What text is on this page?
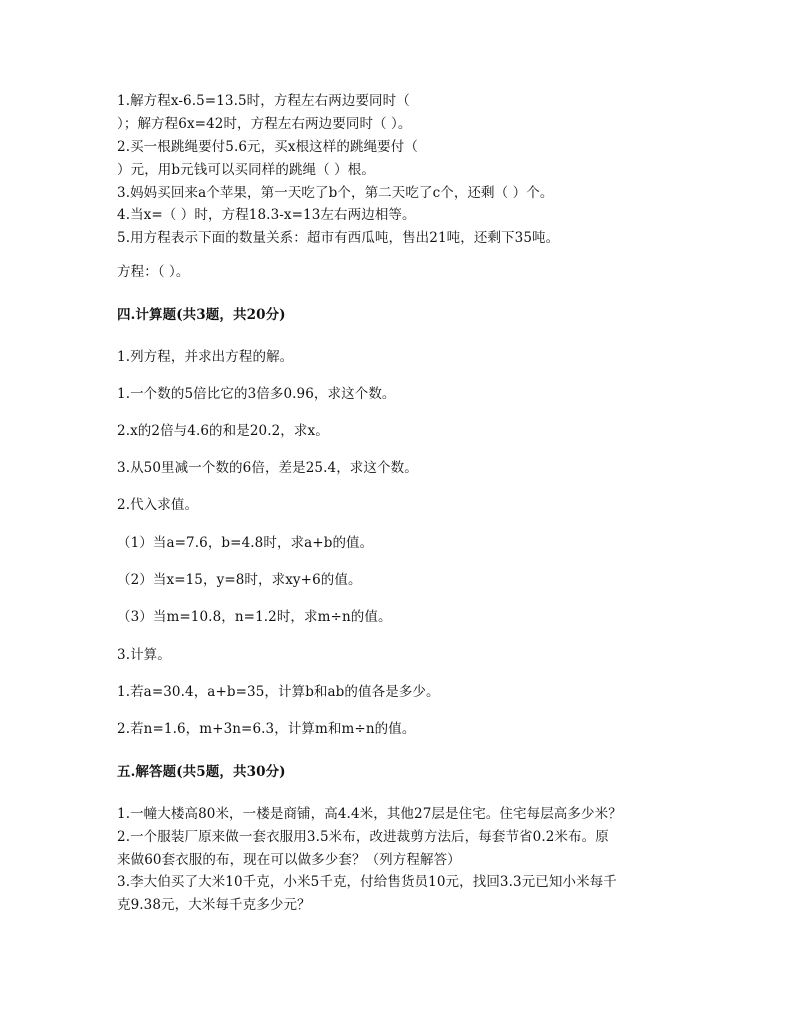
1.解方程x-6.5=13.5时，方程左右两边要同时（
）；解方程6x=42时，方程左右两边要同时（ ）。
2.买一根跳绳要付5.6元，买x根这样的跳绳要付（
）元，用b元钱可以买同样的跳绳（ ）根。
3.妈妈买回来a个苹果，第一天吃了b个，第二天吃了c个，还剩（ ）个。
4.当x=（ ）时，方程18.3-x=13左右两边相等。
5.用方程表示下面的数量关系：超市有西瓜吨，售出21吨，还剩下35吨。
方程：（ ）。
四.计算题(共3题，共20分)
1.列方程，并求出方程的解。
1.一个数的5倍比它的3倍多0.96，求这个数。
2.x的2倍与4.6的和是20.2，求x。
3.从50里减一个数的6倍，差是25.4，求这个数。
2.代入求值。
（1）当a=7.6，b=4.8时，求a+b的值。
（2）当x=15，y=8时，求xy+6的值。
（3）当m=10.8，n=1.2时，求m÷n的值。
3.计算。
1.若a=30.4，a+b=35，计算b和ab的值各是多少。
2.若n=1.6，m+3n=6.3，计算m和m÷n的值。
五.解答题(共5题，共30分)
1.一幢大楼高80米，一楼是商铺，高4.4米，其他27层是住宅。住宅每层高多少米？
2.一个服装厂原来做一套衣服用3.5米布，改进裁剪方法后，每套节省0.2米布。原
来做60套衣服的布，现在可以做多少套？（列方程解答）
3.李大伯买了大米10千克，小米5千克，付给售货员10元，找回3.3元已知小米每千
克9.38元，大米每千克多少元？
